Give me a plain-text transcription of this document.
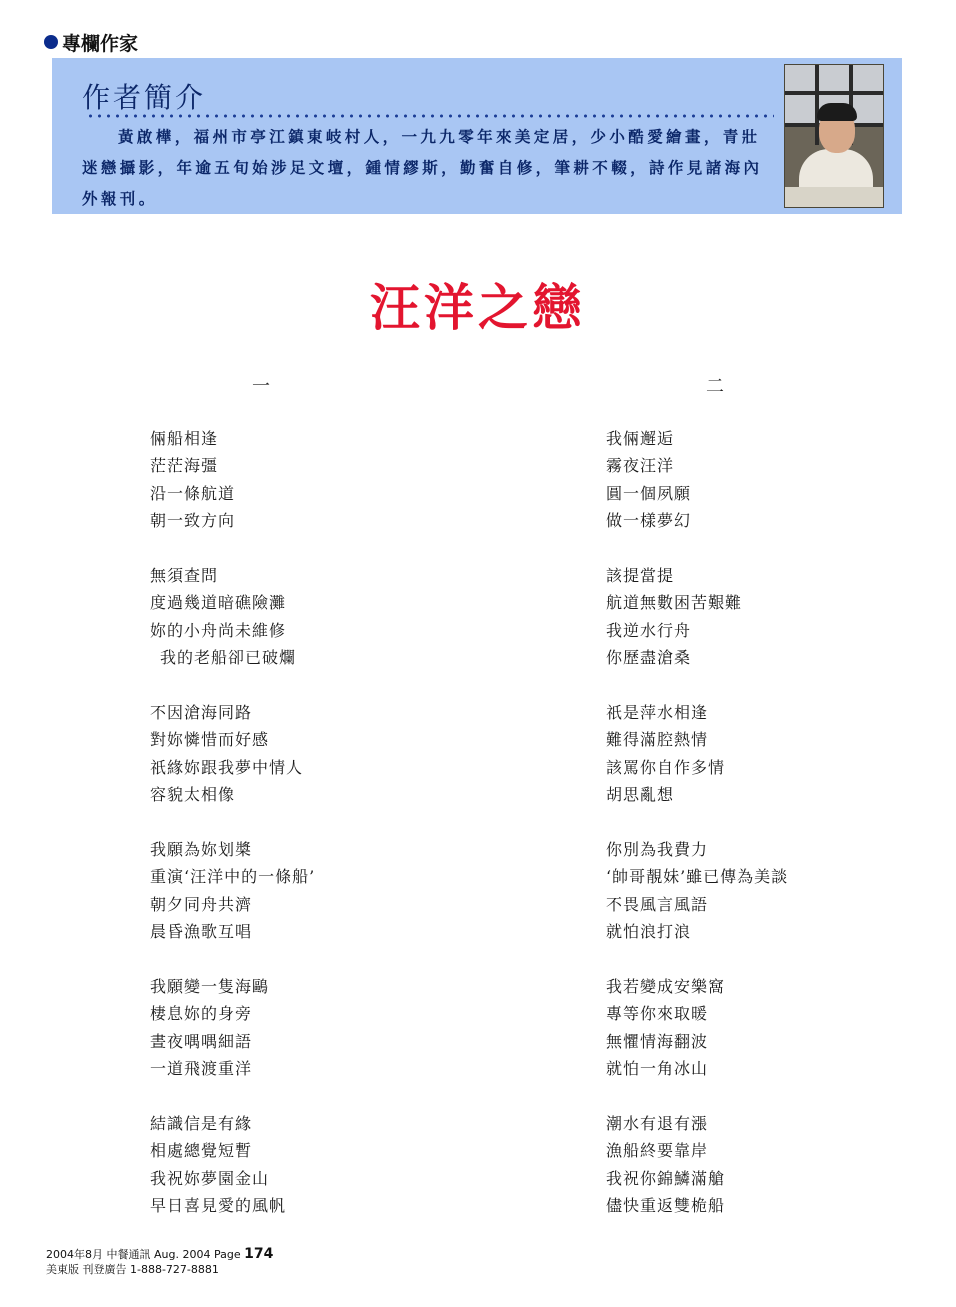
專欄作家
作者簡介
黃啟樺，福州市亭江鎮東岐村人，一九九零年來美定居，少小酷愛繪畫，青壯迷戀攝影，年逾五旬始涉足文壇，鍾情繆斯，勤奮自修，筆耕不輟，詩作見諸海內外報刊。
汪洋之戀
一	二
倆船相逢
茫茫海彊
沿一條航道
朝一致方向
無須查問
度過幾道暗礁險灘
妳的小舟尚未維修
我的老船卻已破爛
不因滄海同路
對妳憐惜而好感
祇緣妳跟我夢中情人
容貌太相像
我願為妳划槳
重演‘汪洋中的一條船’
朝夕同舟共濟
晨昏漁歌互唱
我願變一隻海鷗
棲息妳的身旁
晝夜喁喁細語
一道飛渡重洋
結識信是有緣
相處總覺短暫
我祝妳夢園金山
早日喜見愛的風帆
我倆邂逅
霧夜汪洋
圓一個夙願
做一樣夢幻
該提當提
航道無數困苦艱難
我逆水行舟
你歷盡滄桑
祇是萍水相逢
難得滿腔熱情
該罵你自作多情
胡思亂想
你別為我費力
‘帥哥靚妹’雖已傳為美談
不畏風言風語
就怕浪打浪
我若變成安樂窩
專等你來取暖
無懼情海翻波
就怕一角冰山
潮水有退有漲
漁船終要靠岸
我祝你錦鱗滿艙
儘快重返雙桅船
2004年8月 中餐通訊 Aug. 2004 Page 174
美東版 刊登廣告 1-888-727-8881
